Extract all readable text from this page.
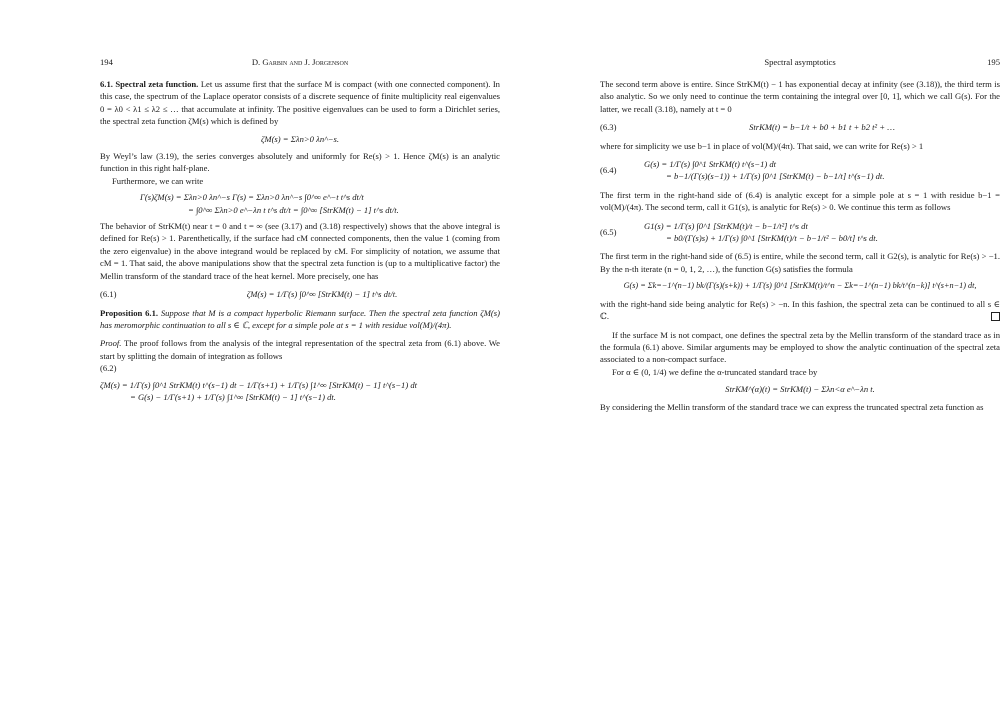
194	D. Garbin and J. Jorgenson

6.1. Spectral zeta function. Let us assume first that the surface M is compact (with one connected component). In this case, the spectrum of the Laplace operator consists of a discrete sequence of finite multiplicity real eigenvalues 0 = λ0 < λ1 ≤ λ2 ≤ … that accumulate at infinity. The positive eigenvalues can be used to form a Dirichlet series, the spectral zeta function ζM(s) which is defined by

ζM(s) = Σλn>0 λn^−s.

By Weyl’s law (3.19), the series converges absolutely and uniformly for Re(s) > 1. Hence ζM(s) is an analytic function in this right half-plane.

Furthermore, we can write

Γ(s)ζM(s) = Σλn>0 λn^−s Γ(s) = Σλn>0 λn^−s ∫0^∞ e^−t t^s dt/t
= ∫0^∞ Σλn>0 e^−λn t t^s dt/t = ∫0^∞ [StrKM(t) − 1] t^s dt/t.

The behavior of StrKM(t) near t = 0 and t = ∞ (see (3.17) and (3.18) respectively) shows that the above integral is defined for Re(s) > 1. Parenthetically, if the surface had cM connected components, then the value 1 (coming from the zero eigenvalue) in the above integrand would be replaced by cM. For simplicity of notation, we assume that cM = 1. That said, the above manipulations show that the spectral zeta function is (up to a multiplicative factor) the Mellin transform of the standard trace of the heat kernel. More precisely, one has

(6.1)	ζM(s) = 1/Γ(s) ∫0^∞ [StrKM(t) − 1] t^s dt/t.

Proposition 6.1. Suppose that M is a compact hyperbolic Riemann surface. Then the spectral zeta function ζM(s) has meromorphic continuation to all s ∈ ℂ, except for a simple pole at s = 1 with residue vol(M)/(4π).

Proof. The proof follows from the analysis of the integral representation of the spectral zeta from (6.1) above. We start by splitting the domain of integration as follows

(6.2)
ζM(s) = 1/Γ(s) ∫0^1 StrKM(t) t^(s−1) dt − 1/Γ(s+1) + 1/Γ(s) ∫1^∞ [StrKM(t) − 1] t^(s−1) dt
= G(s) − 1/Γ(s+1) + 1/Γ(s) ∫1^∞ [StrKM(t) − 1] t^(s−1) dt.
Spectral asymptotics	195

The second term above is entire. Since StrKM(t) − 1 has exponential decay at infinity (see (3.18)), the third term is also analytic. So we only need to continue the term containing the integral over [0, 1], which we call G(s). For the latter, we recall (3.18), namely at t = 0

(6.3)	StrKM(t) = b−1/t + b0 + b1 t + b2 t² + …

where for simplicity we use b−1 in place of vol(M)/(4π). That said, we can write for Re(s) > 1

(6.4)
G(s) = 1/Γ(s) ∫0^1 StrKM(t) t^(s−1) dt
= b−1/(Γ(s)(s−1)) + 1/Γ(s) ∫0^1 [StrKM(t) − b−1/t] t^(s−1) dt.

The first term in the right-hand side of (6.4) is analytic except for a simple pole at s = 1 with residue b−1 = vol(M)/(4π). The second term, call it G1(s), is analytic for Re(s) > 0. We continue this term as follows

(6.5)
G1(s) = 1/Γ(s) ∫0^1 [StrKM(t)/t − b−1/t²] t^s dt
= b0/(Γ(s)s) + 1/Γ(s) ∫0^1 [StrKM(t)/t − b−1/t² − b0/t] t^s dt.

The first term in the right-hand side of (6.5) is entire, while the second term, call it G2(s), is analytic for Re(s) > −1. By the n-th iterate (n = 0, 1, 2, …), the function G(s) satisfies the formula

G(s) = Σk=−1^(n−1) bk/(Γ(s)(s+k)) + 1/Γ(s) ∫0^1 [StrKM(t)/t^n − Σk=−1^(n−1) bk/t^(n−k)] t^(s+n−1) dt,

with the right-hand side being analytic for Re(s) > −n. In this fashion, the spectral zeta can be continued to all s ∈ ℂ.

If the surface M is not compact, one defines the spectral zeta by the Mellin transform of the standard trace as in the formula (6.1) above. Similar arguments may be employed to show the analytic continuation of the spectral zeta associated to a non-compact surface.

For α ∈ (0, 1/4) we define the α-truncated standard trace by

StrKM^(α)(t) = StrKM(t) − Σλn<α e^−λn t.

By considering the Mellin transform of the standard trace we can express the truncated spectral zeta function as
